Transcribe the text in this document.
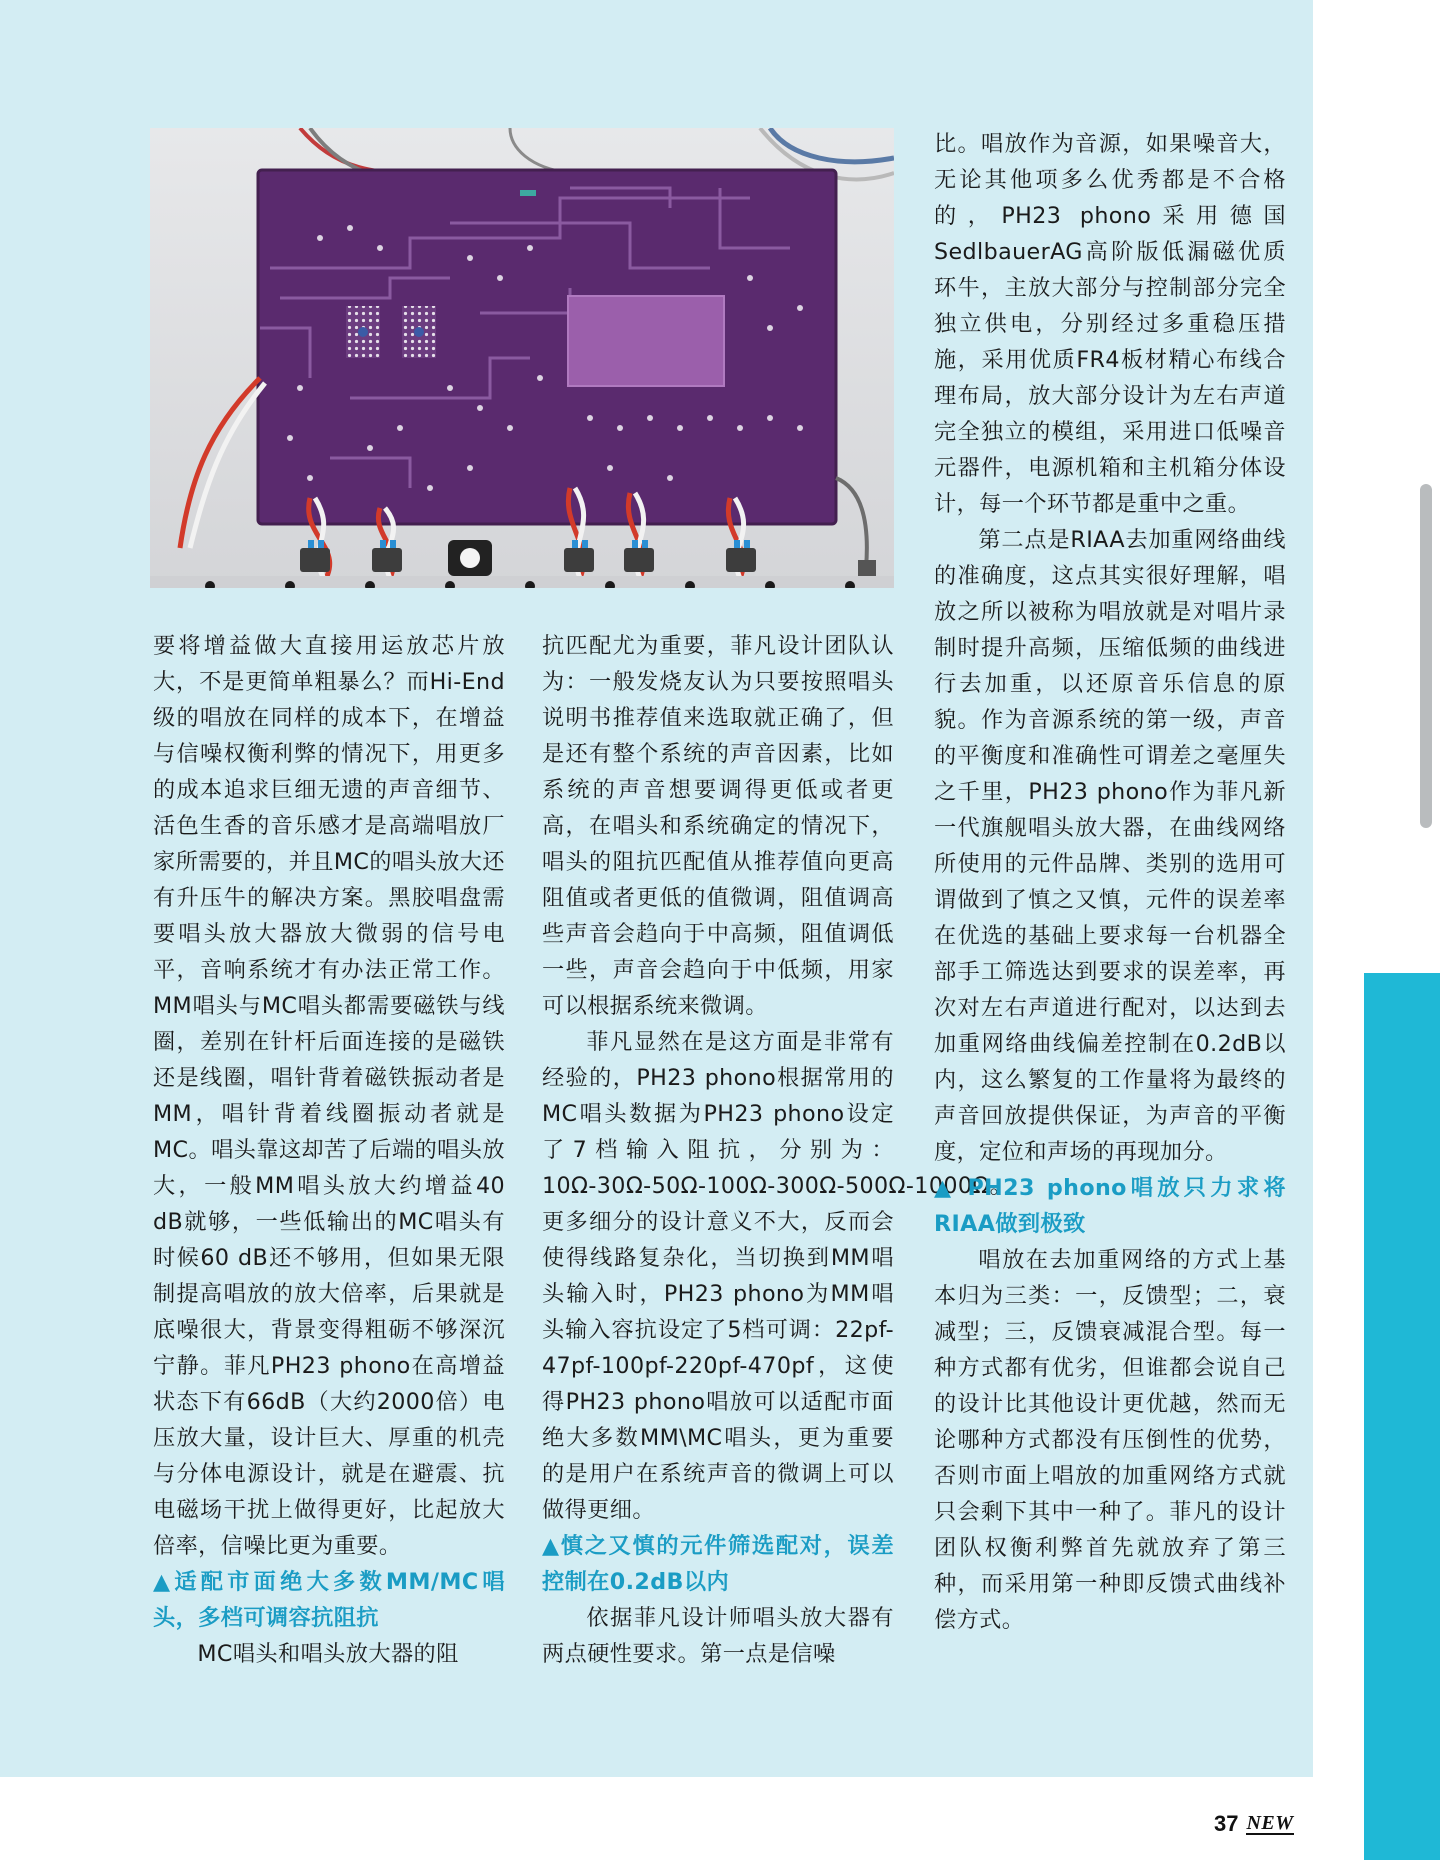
要将增益做大直接用运放芯片放大，不是更简单粗暴么？而Hi-End级的唱放在同样的成本下，在增益与信噪权衡利弊的情况下，用更多的成本追求巨细无遗的声音细节、活色生香的音乐感才是高端唱放厂家所需要的，并且MC的唱头放大还有升压牛的解决方案。黑胶唱盘需要唱头放大器放大微弱的信号电平，音响系统才有办法正常工作。MM唱头与MC唱头都需要磁铁与线圈，差别在针杆后面连接的是磁铁还是线圈，唱针背着磁铁振动者是MM，唱针背着线圈振动者就是MC。唱头靠这却苦了后端的唱头放大，一般MM唱头放大约增益40 dB就够，一些低输出的MC唱头有时候60 dB还不够用，但如果无限制提高唱放的放大倍率，后果就是底噪很大，背景变得粗砺不够深沉宁静。菲凡PH23 phono在高增益状态下有66dB（大约2000倍）电压放大量，设计巨大、厚重的机壳与分体电源设计，就是在避震、抗电磁场干扰上做得更好，比起放大倍率，信噪比更为重要。

▲适配市面绝大多数MM/MC唱头，多档可调容抗阻抗

MC唱头和唱头放大器的阻

抗匹配尤为重要，菲凡设计团队认为：一般发烧友认为只要按照唱头说明书推荐值来选取就正确了，但是还有整个系统的声音因素，比如系统的声音想要调得更低或者更高，在唱头和系统确定的情况下，唱头的阻抗匹配值从推荐值向更高阻值或者更低的值微调，阻值调高些声音会趋向于中高频，阻值调低一些，声音会趋向于中低频，用家可以根据系统来微调。

菲凡显然在是这方面是非常有经验的，PH23 phono根据常用的MC唱头数据为PH23 phono设定了7档输入阻抗，分别为：10Ω-30Ω-50Ω-100Ω-300Ω-500Ω-1000Ω。更多细分的设计意义不大，反而会使得线路复杂化，当切换到MM唱头输入时，PH23 phono为MM唱头输入容抗设定了5档可调：22pf-47pf-100pf-220pf-470pf，这使得PH23 phono唱放可以适配市面绝大多数MM\MC唱头，更为重要的是用户在系统声音的微调上可以做得更细。

▲慎之又慎的元件筛选配对，误差控制在0.2dB以内

依据菲凡设计师唱头放大器有两点硬性要求。第一点是信噪

比。唱放作为音源，如果噪音大，无论其他项多么优秀都是不合格的，PH23 phono采用德国SedlbauerAG高阶版低漏磁优质环牛，主放大部分与控制部分完全独立供电，分别经过多重稳压措施，采用优质FR4板材精心布线合理布局，放大部分设计为左右声道完全独立的模组，采用进口低噪音元器件，电源机箱和主机箱分体设计，每一个环节都是重中之重。

第二点是RIAA去加重网络曲线的准确度，这点其实很好理解，唱放之所以被称为唱放就是对唱片录制时提升高频，压缩低频的曲线进行去加重，以还原音乐信息的原貌。作为音源系统的第一级，声音的平衡度和准确性可谓差之毫厘失之千里，PH23 phono作为菲凡新一代旗舰唱头放大器，在曲线网络所使用的元件品牌、类别的选用可谓做到了慎之又慎，元件的误差率在优选的基础上要求每一台机器全部手工筛选达到要求的误差率，再次对左右声道进行配对，以达到去加重网络曲线偏差控制在0.2dB以内，这么繁复的工作量将为最终的声音回放提供保证，为声音的平衡度，定位和声场的再现加分。

▲ PH23 phono唱放只力求将RIAA做到极致

唱放在去加重网络的方式上基本归为三类：一，反馈型；二，衰减型；三，反馈衰减混合型。每一种方式都有优劣，但谁都会说自己的设计比其他设计更优越，然而无论哪种方式都没有压倒性的优势，否则市面上唱放的加重网络方式就只会剩下其中一种了。菲凡的设计团队权衡利弊首先就放弃了第三种，而采用第一种即反馈式曲线补偿方式。

37 NEW
